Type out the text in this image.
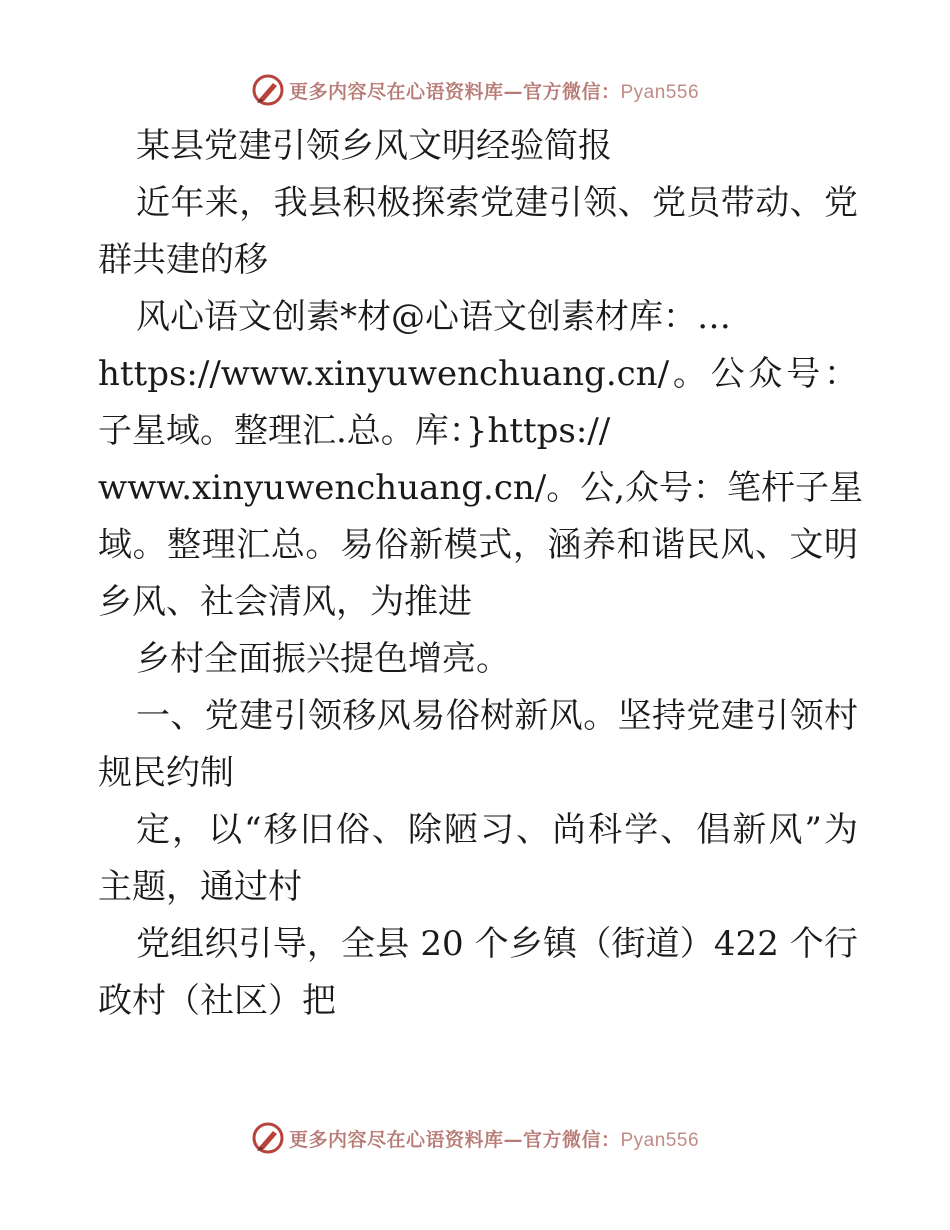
更多内容尽在心语资料库—官方微信：Pyan556
某县党建引领乡风文明经验简报
近年来，我县积极探索党建引领、党员带动、党
群共建的移
风心语文创素*材@心语文创素材库：…
https://www.xinyuwenchuang.cn/。公众号：
子星域。整理汇.总。库：}https://
www.xinyuwenchuang.cn/。公,众号：笔杆子星
域。整理汇总。易俗新模式，涵养和谐民风、文明
乡风、社会清风，为推进
乡村全面振兴提色增亮。
一、党建引领移风易俗树新风。坚持党建引领村
规民约制
定，以“移旧俗、除陋习、尚科学、倡新风”为
主题，通过村
党组织引导，全县 20 个乡镇（街道）422 个行
政村（社区）把
更多内容尽在心语资料库—官方微信：Pyan556
